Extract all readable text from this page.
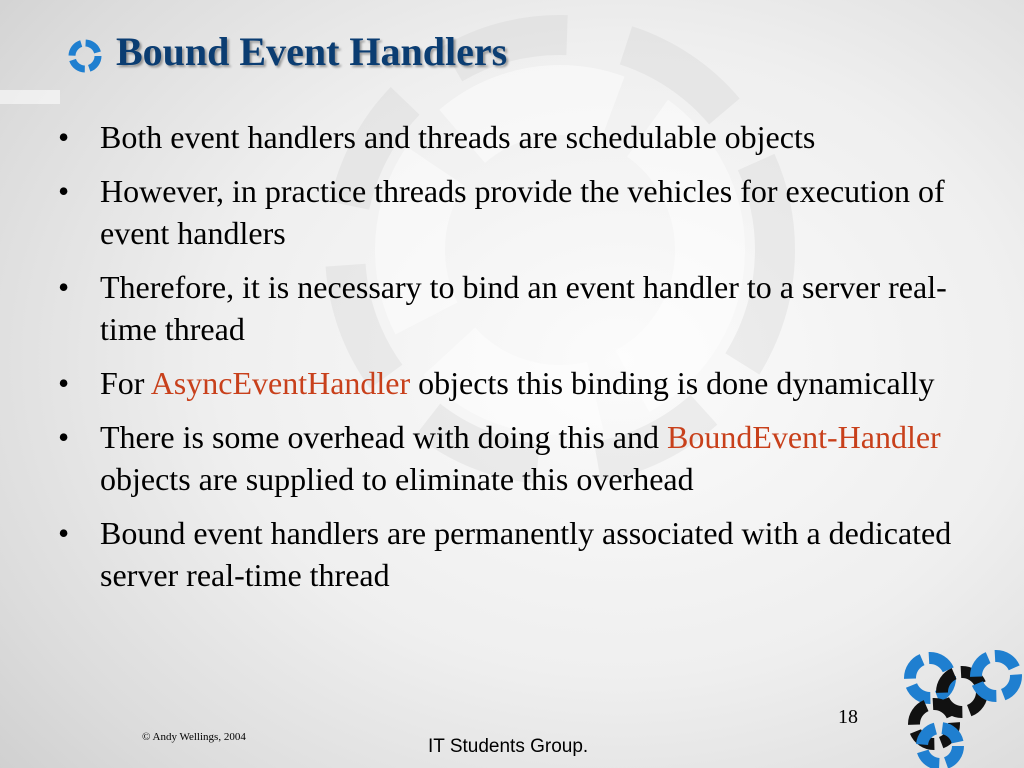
Bound Event Handlers
• Both event handlers and threads are schedulable objects
• However, in practice threads provide the vehicles for execution of event handlers
• Therefore, it is necessary to bind an event handler to a server real-time thread
• For AsyncEventHandler objects this binding is done dynamically
• There is some overhead with doing this and BoundEvent-Handler objects are supplied to eliminate this overhead
• Bound event handlers are permanently associated with a dedicated server real-time thread
18
© Andy Wellings, 2004	IT Students Group.
